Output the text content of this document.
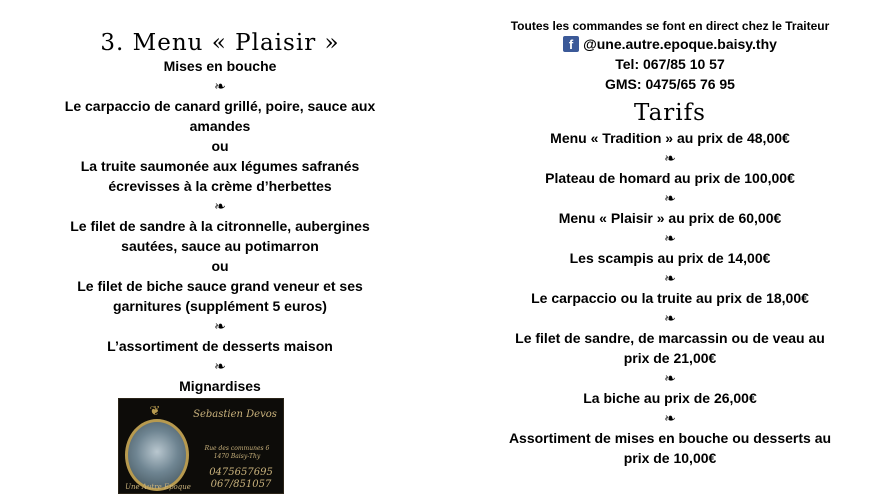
3. Menu « Plaisir »
Mises en bouche
❧
Le carpaccio de canard grillé, poire, sauce aux
amandes
ou
La truite saumonée aux légumes safranés
écrevisses à la crème d’herbettes
❧
Le filet de sandre à la citronnelle, aubergines
sautées, sauce au potimarron
ou
Le filet de biche sauce grand veneur et ses
garnitures (supplément 5 euros)
❧
L’assortiment de desserts maison
❧
Mignardises
❦	Sebastien Devos
Rue des communes 6
1470 Baisy-Thy
0475657695
067/851057
Une Autre Epoque
Toutes les commandes se font en direct chez le Traiteur
f @une.autre.epoque.baisy.thy
Tel: 067/85 10 57
GMS: 0475/65 76 95
Tarifs
Menu « Tradition » au prix de 48,00€
❧
Plateau de homard au prix de 100,00€
❧
Menu « Plaisir » au prix de 60,00€
❧
Les scampis au prix de 14,00€
❧
Le carpaccio ou la truite au prix de 18,00€
❧
Le filet de sandre, de marcassin ou de veau au
prix de 21,00€
❧
La biche au prix de 26,00€
❧
Assortiment de mises en bouche ou desserts au
prix de 10,00€
